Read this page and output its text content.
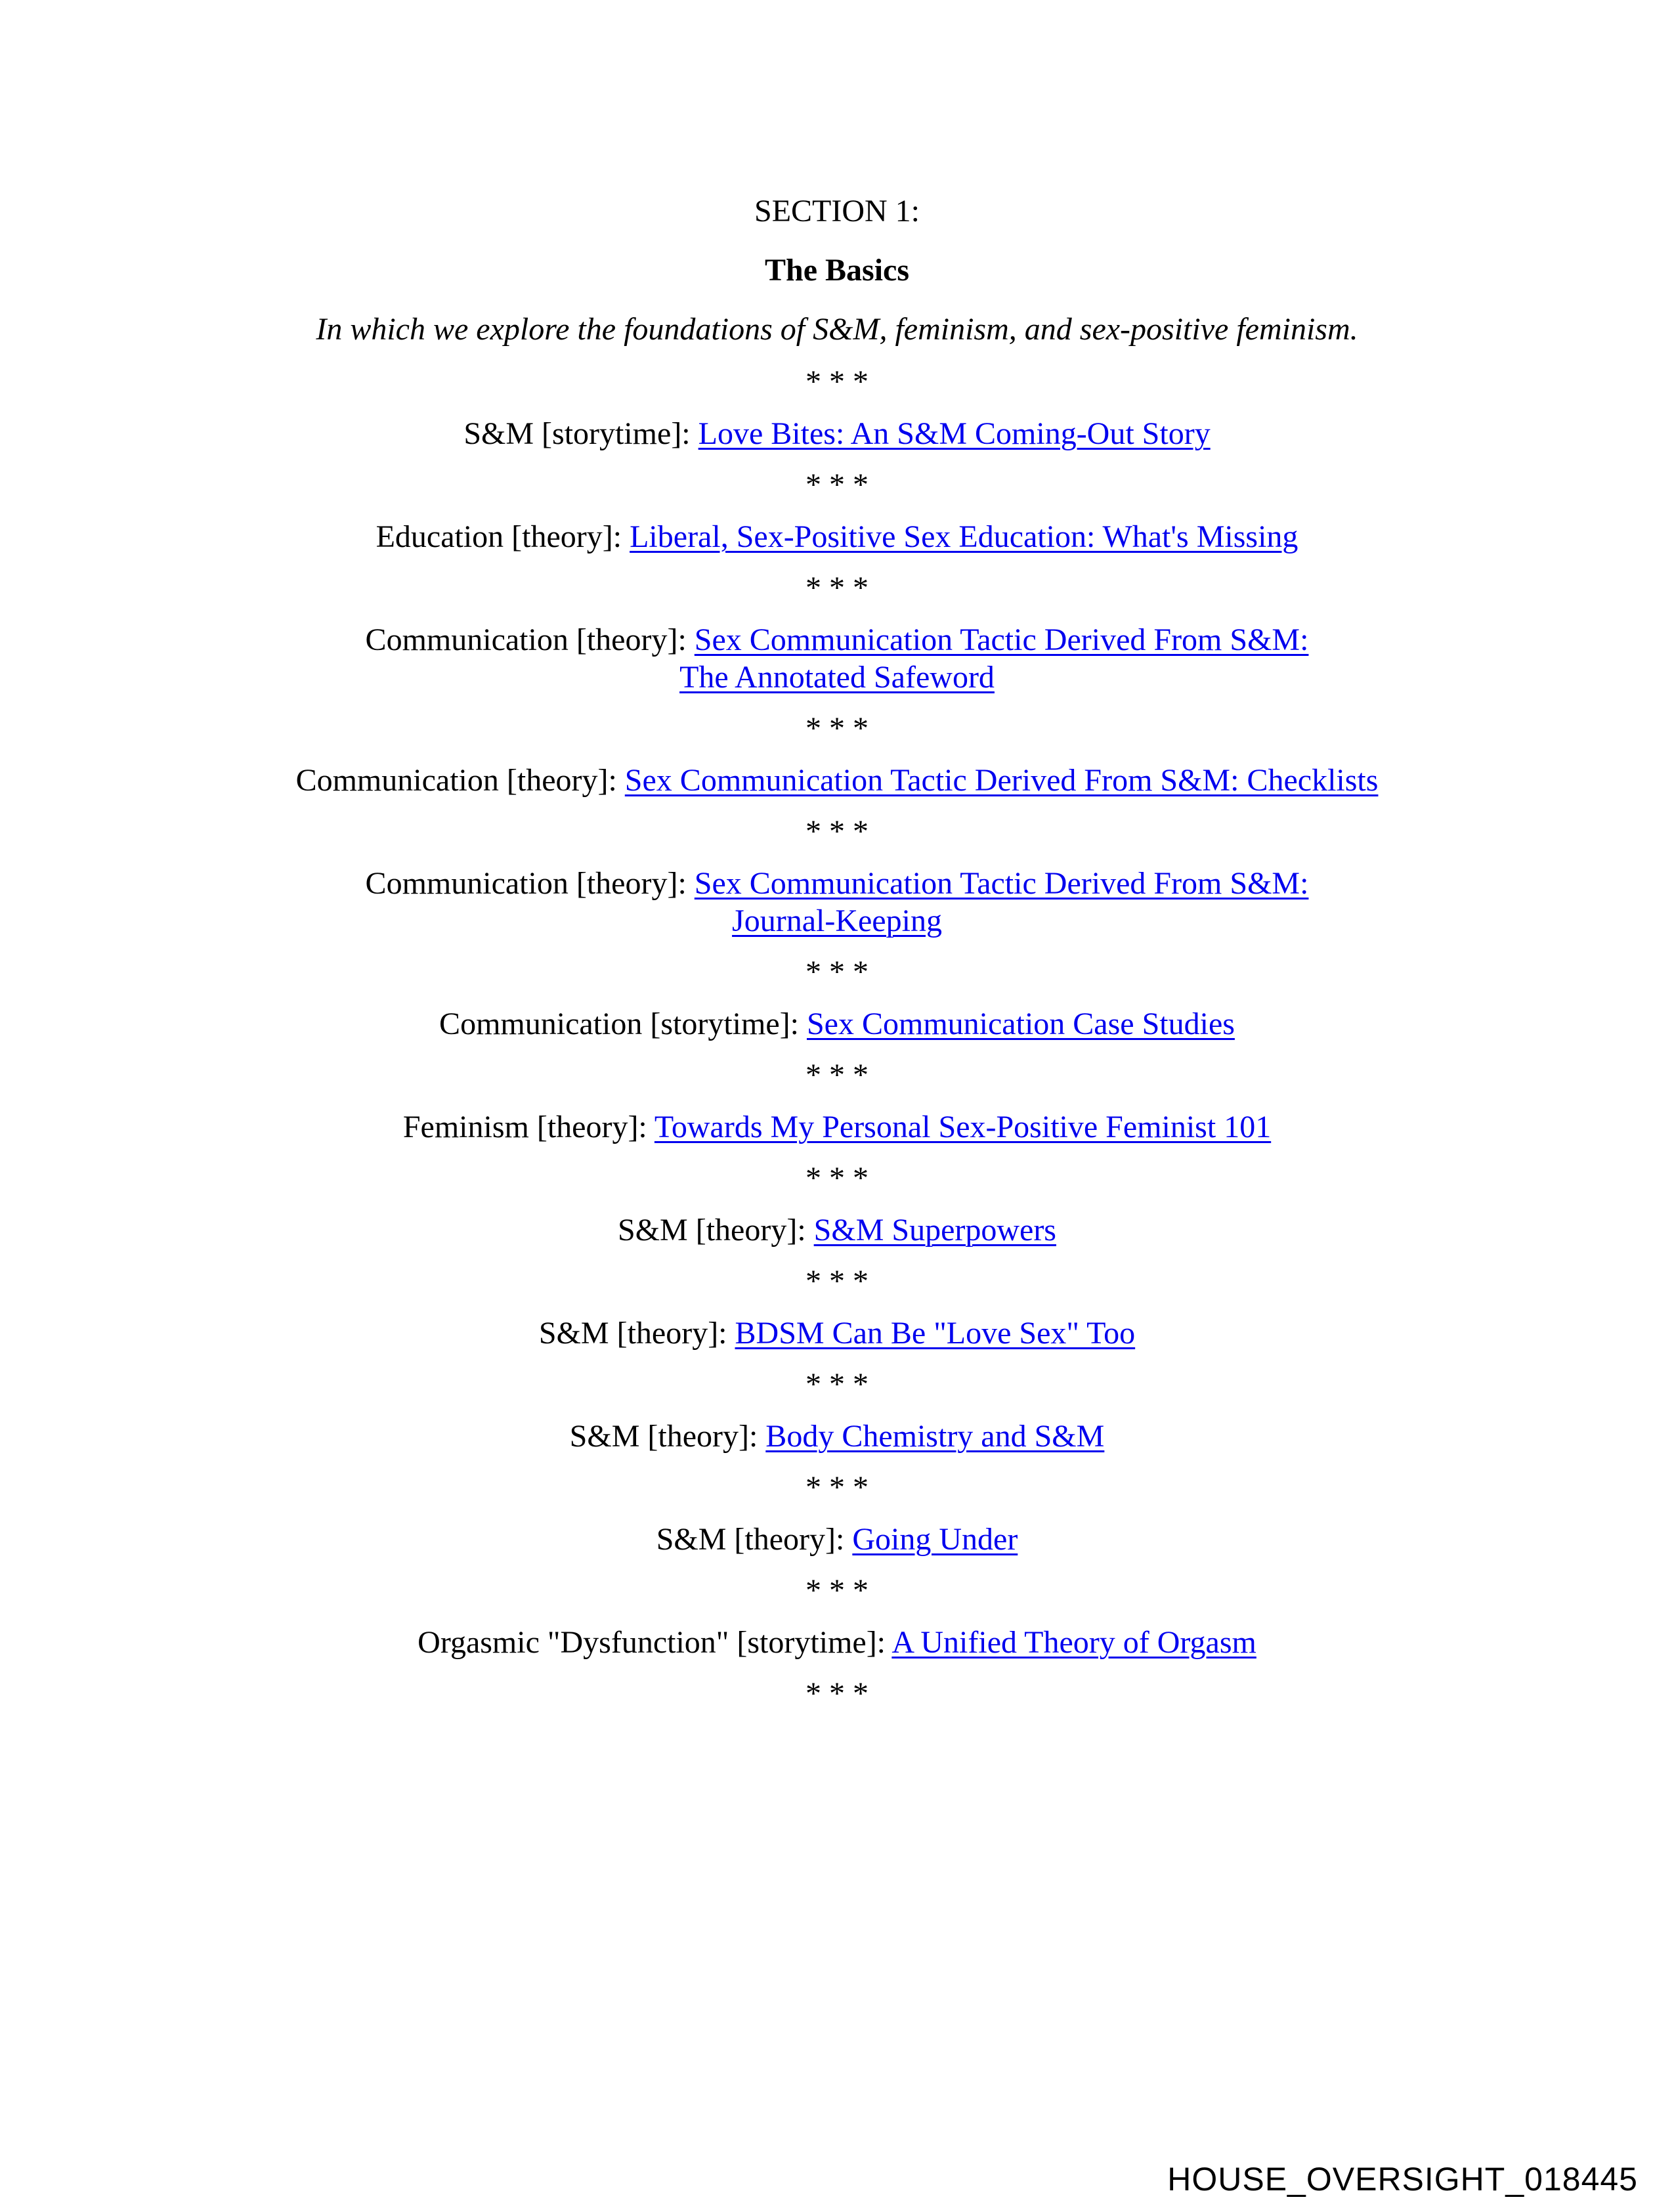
SECTION 1:
The Basics
In which we explore the foundations of S&M, feminism, and sex-positive feminism.
* * *
S&M [storytime]: Love Bites: An S&M Coming-Out Story
* * *
Education [theory]: Liberal, Sex-Positive Sex Education: What's Missing
* * *
Communication [theory]: Sex Communication Tactic Derived From S&M: The Annotated Safeword
* * *
Communication [theory]: Sex Communication Tactic Derived From S&M: Checklists
* * *
Communication [theory]: Sex Communication Tactic Derived From S&M: Journal-Keeping
* * *
Communication [storytime]: Sex Communication Case Studies
* * *
Feminism [theory]: Towards My Personal Sex-Positive Feminist 101
* * *
S&M [theory]: S&M Superpowers
* * *
S&M [theory]: BDSM Can Be "Love Sex" Too
* * *
S&M [theory]: Body Chemistry and S&M
* * *
S&M [theory]: Going Under
* * *
Orgasmic "Dysfunction" [storytime]: A Unified Theory of Orgasm
* * *
HOUSE_OVERSIGHT_018445
